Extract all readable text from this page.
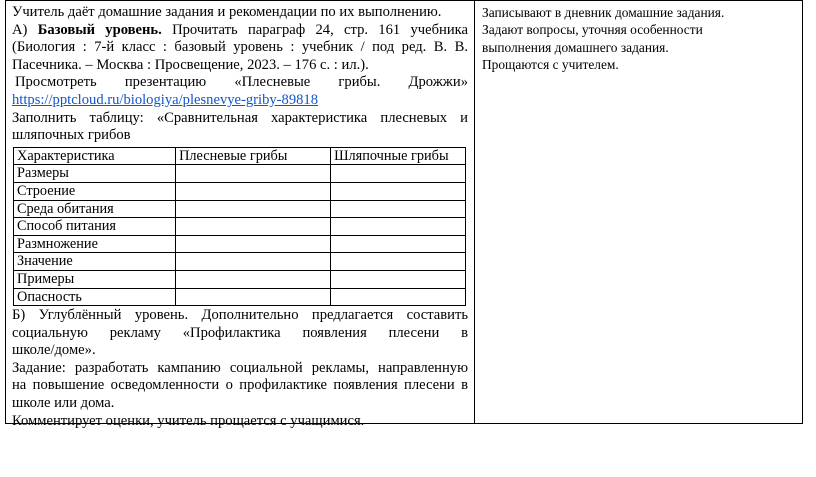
Учитель даёт домашние задания и рекомендации по их выполнению.

А) Базовый уровень. Прочитать параграф 24, стр. 161 учебника

(Биология : 7-й класс : базовый уровень : учебник / под ред. В. В.

Пасечника. – Москва : Просвещение, 2023. – 176 с. : ил.).

Просмотреть презентацию «Плесневые грибы. Дрожжи»

https://pptcloud.ru/biologiya/plesnevye-griby-89818

Заполнить таблицу: «Сравнительная характеристика плесневых и

шляпочных грибов

Характеристика	Плесневые грибы	Шляпочные грибы
Размеры		
Строение		
Среда обитания		
Способ питания		
Размножение		
Значение		
Примеры		
Опасность		

Б) Углублённый уровень. Дополнительно предлагается составить

социальную рекламу «Профилактика появления плесени в

школе/доме».

Задание: разработать кампанию социальной рекламы, направленную

на повышение осведомленности о профилактике появления плесени в

школе или дома.

Комментирует оценки, учитель прощается с учащимися.

Записывают в дневник домашние задания.

Задают вопросы, уточняя особенности

выполнения домашнего задания.

Прощаются с учителем.
